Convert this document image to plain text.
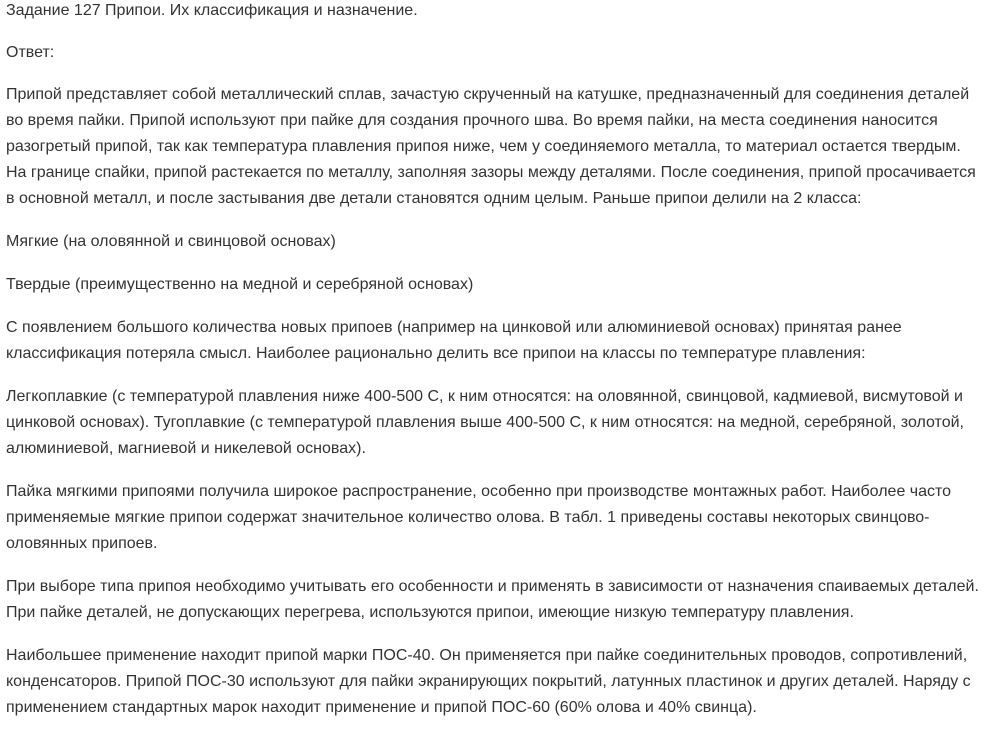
Задание 127 Припои. Их классификация и назначение.

Ответ:

Припой представляет собой металлический сплав, зачастую скрученный на катушке, предназначенный для соединения деталей во время пайки. Припой используют при пайке для создания прочного шва. Во время пайки, на места соединения наносится разогретый припой, так как температура плавления припоя ниже, чем у соединяемого металла, то материал остается твердым. На границе спайки, припой растекается по металлу, заполняя зазоры между деталями. После соединения, припой просачивается в основной металл, и после застывания две детали становятся одним целым. Раньше припои делили на 2 класса:

Мягкие (на оловянной и свинцовой основах)

Твердые (преимущественно на медной и серебряной основах)

С появлением большого количества новых припоев (например на цинковой или алюминиевой основах) принятая ранее классификация потеряла смысл. Наиболее рационально делить все припои на классы по температуре плавления:

Легкоплавкие (с температурой плавления ниже 400-500 С, к ним относятся: на оловянной, свинцовой, кадмиевой, висмутовой и цинковой основах). Тугоплавкие (с температурой плавления выше 400-500 С, к ним относятся: на медной, серебряной, золотой, алюминиевой, магниевой и никелевой основах).

Пайка мягкими припоями получила широкое распространение, особенно при производстве монтажных работ. Наиболее часто применяемые мягкие припои содержат значительное количество олова. В табл. 1 приведены составы некоторых свинцово-оловянных припоев.

При выборе типа припоя необходимо учитывать его особенности и применять в зависимости от назначения спаиваемых деталей. При пайке деталей, не допускающих перегрева, используются припои, имеющие низкую температуру плавления.

Наибольшее применение находит припой марки ПОС-40. Он применяется при пайке соединительных проводов, сопротивлений, конденсаторов. Припой ПОС-30 используют для пайки экранирующих покрытий, латунных пластинок и других деталей. Наряду с применением стандартных марок находит применение и припой ПОС-60 (60% олова и 40% свинца).
